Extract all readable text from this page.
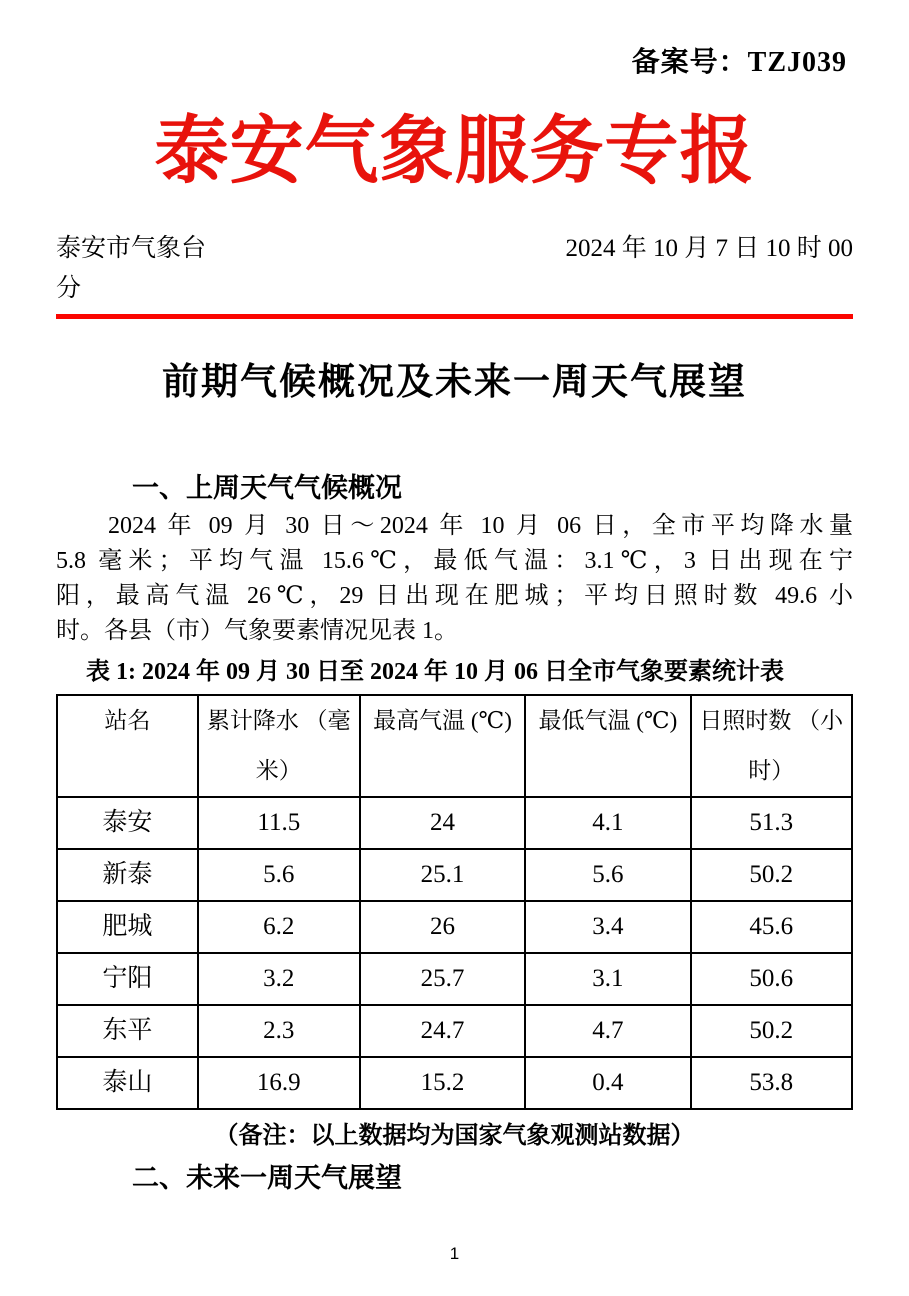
备案号：TZJ039
泰安气象服务专报
泰安市气象台	2024 年 10 月 7 日 10 时 00
分
前期气候概况及未来一周天气展望
一、上周天气气候概况
2024 年 09 月 30 日～2024 年 10 月 06 日，全市平均降水量
5.8 毫米；平均气温 15.6℃，最低气温：3.1℃，3 日出现在宁
阳，最高气温 26℃，29 日出现在肥城；平均日照时数 49.6 小
时。各县（市）气象要素情况见表 1。
表 1: 2024 年 09 月 30 日至 2024 年 10 月 06 日全市气象要素统计表
站名	累计降水 （毫米）	最高气温 (℃)	最低气温 (℃)	日照时数 （小时）
泰安	11.5	24	4.1	51.3
新泰	5.6	25.1	5.6	50.2
肥城	6.2	26	3.4	45.6
宁阳	3.2	25.7	3.1	50.6
东平	2.3	24.7	4.7	50.2
泰山	16.9	15.2	0.4	53.8
（备注：以上数据均为国家气象观测站数据）
二、未来一周天气展望
1
